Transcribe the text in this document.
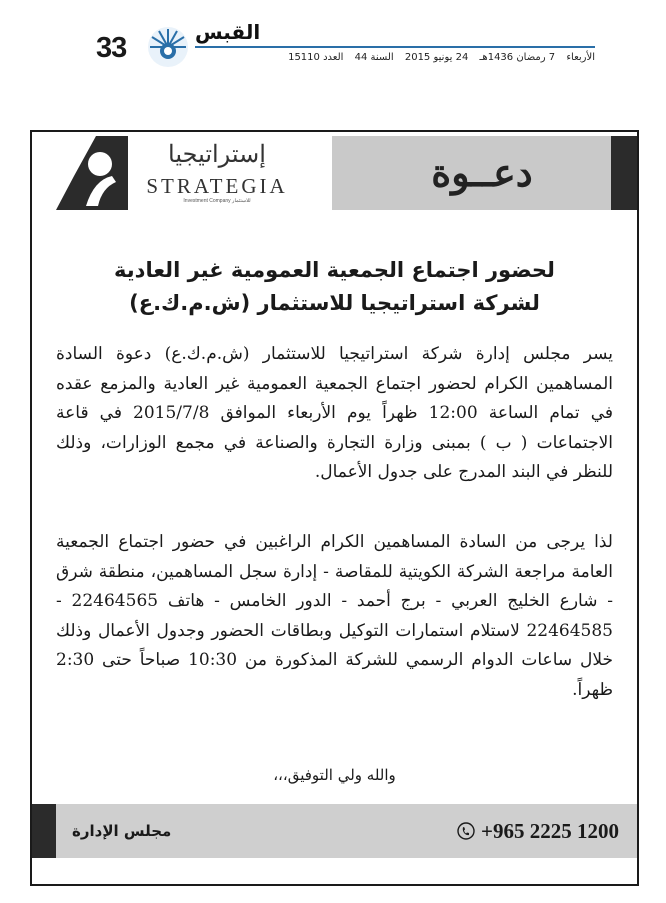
33	القبس
الأربعاء 7 رمضان 1436هـ 24 يونيو 2015 السنة 44 العدد 15110
دعــوة
إستراتيجيا
STRATEGIA
Investment Company للاستثمار
لحضور اجتماع الجمعية العمومية غير العادية
لشركة استراتيجيا للاستثمار (ش.م.ك.ع)
يسر مجلس إدارة شركة استراتيجيا للاستثمار (ش.م.ك.ع) دعوة السادة المساهمين الكرام لحضور اجتماع الجمعية العمومية غير العادية والمزمع عقده في تمام الساعة 12:00 ظهراً يوم الأربعاء الموافق 2015/7/8 في قاعة الاجتماعات ( ب ) بمبنى وزارة التجارة والصناعة في مجمع الوزارات، وذلك للنظر في البند المدرج على جدول الأعمال.
لذا يرجى من السادة المساهمين الكرام الراغبين في حضور اجتماع الجمعية العامة مراجعة الشركة الكويتية للمقاصة - إدارة سجل المساهمين، منطقة شرق - شارع الخليج العربي - برج أحمد - الدور الخامس - هاتف 22464565 - 22464585 لاستلام استمارات التوكيل وبطاقات الحضور وجدول الأعمال وذلك خلال ساعات الدوام الرسمي للشركة المذكورة من 10:30 صباحاً حتى 2:30 ظهراً.
والله ولي التوفيق،،،
مجلس الإدارة	+965 2225 1200
